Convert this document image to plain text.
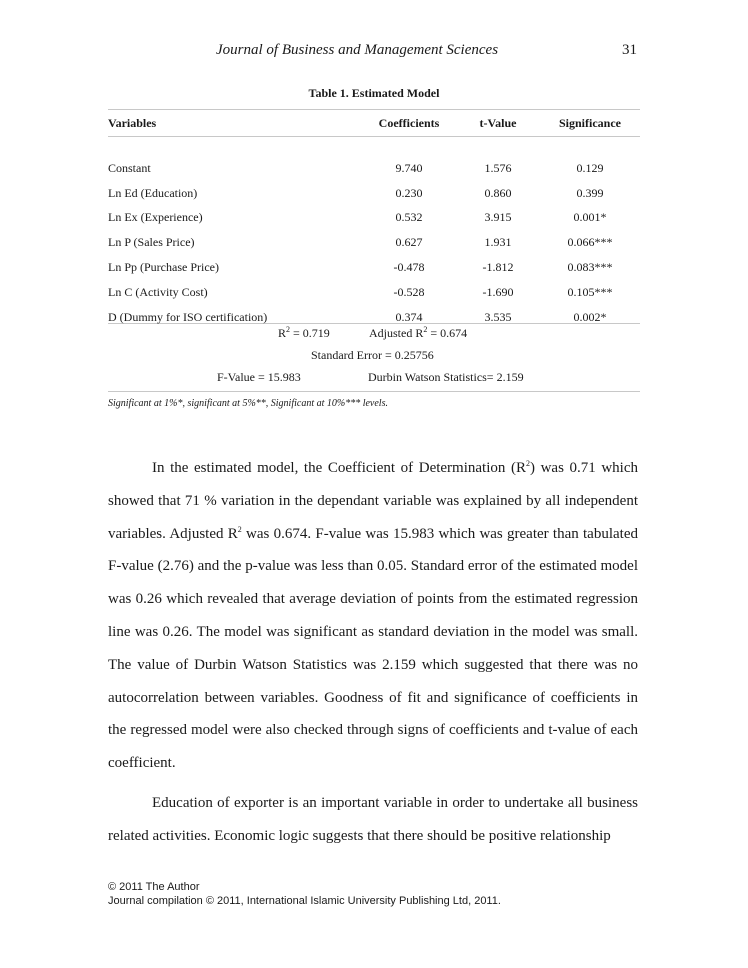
Journal of Business and Management Sciences	31
Table 1. Estimated Model
Variables	Coefficients	t-Value	Significance
Constant	9.740	1.576	0.129
Ln Ed (Education)	0.230	0.860	0.399
Ln Ex (Experience)	0.532	3.915	0.001*
Ln P (Sales Price)	0.627	1.931	0.066***
Ln Pp (Purchase Price)	-0.478	-1.812	0.083***
Ln C (Activity Cost)	-0.528	-1.690	0.105***
D (Dummy for ISO certification)	0.374	3.535	0.002*
$R^2 = 0.719$	Adjusted $R^2 = 0.674$
Standard Error = 0.25756
F-Value = 15.983	Durbin Watson Statistics= 2.159
Significant at 1%*, significant at 5%**, Significant at 10%*** levels.
In the estimated model, the Coefficient of Determination $(R^2)$ was 0.71 which showed that 71 % variation in the dependant variable was explained by all independent variables. Adjusted $R^2$ was 0.674. F-value was 15.983 which was greater than tabulated F-value (2.76) and the p-value was less than 0.05. Standard error of the estimated model was 0.26 which revealed that average deviation of points from the estimated regression line was 0.26. The model was significant as standard deviation in the model was small. The value of Durbin Watson Statistics was 2.159 which suggested that there was no autocorrelation between variables. Goodness of fit and significance of coefficients in the regressed model were also checked through signs of coefficients and t-value of each coefficient.
Education of exporter is an important variable in order to undertake all business related activities. Economic logic suggests that there should be positive relationship
© 2011 The Author
Journal compilation © 2011, International Islamic University Publishing Ltd, 2011.
